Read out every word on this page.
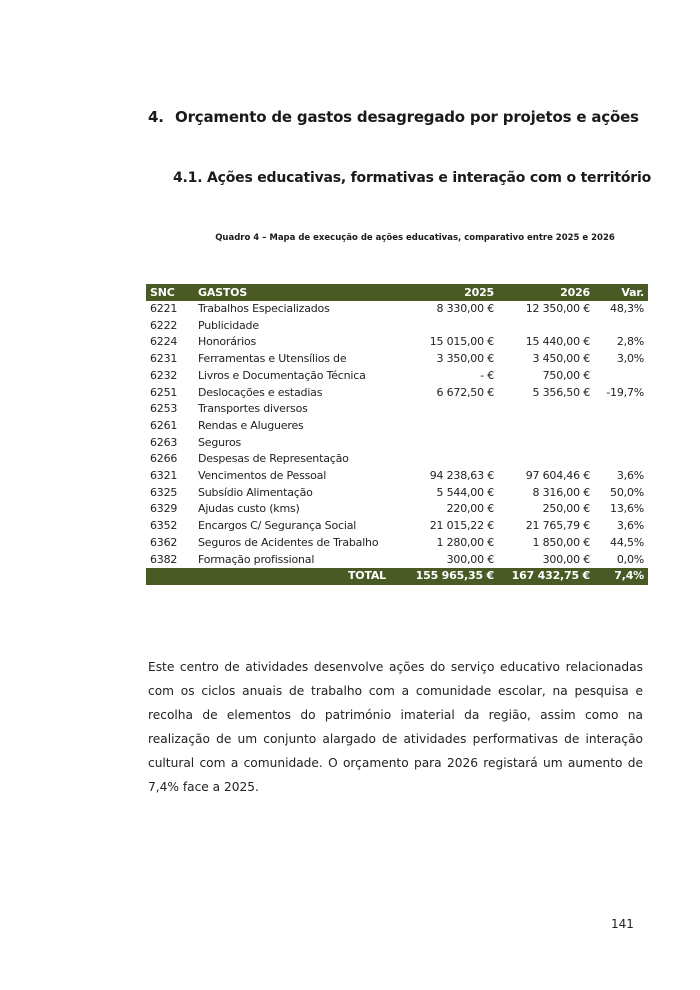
4. Orçamento de gastos desagregado por projetos e ações
4.1. Ações educativas, formativas e interação com o território
Quadro 4 – Mapa de execução de ações educativas, comparativo entre 2025 e 2026
SNC	GASTOS	2025	2026	Var.
6221	Trabalhos Especializados	8 330,00 €	12 350,00 €	48,3%
6222	Publicidade			
6224	Honorários	15 015,00 €	15 440,00 €	2,8%
6231	Ferramentas e Utensílios de	3 350,00 €	3 450,00 €	3,0%
6232	Livros e Documentação Técnica	- €	750,00 €	
6251	Deslocações e estadias	6 672,50 €	5 356,50 €	-19,7%
6253	Transportes diversos			
6261	Rendas e Alugueres			
6263	Seguros			
6266	Despesas de Representação			
6321	Vencimentos de Pessoal	94 238,63 €	97 604,46 €	3,6%
6325	Subsídio Alimentação	5 544,00 €	8 316,00 €	50,0%
6329	Ajudas custo (kms)	220,00 €	250,00 €	13,6%
6352	Encargos C/ Segurança Social	21 015,22 €	21 765,79 €	3,6%
6362	Seguros de Acidentes de Trabalho	1 280,00 €	1 850,00 €	44,5%
6382	Formação profissional	300,00 €	300,00 €	0,0%
	TOTAL	155 965,35 €	167 432,75 €	7,4%
Este centro de atividades desenvolve ações do serviço educativo relacionadas com os ciclos anuais de trabalho com a comunidade escolar, na pesquisa e recolha de elementos do património imaterial da região, assim como na realização de um conjunto alargado de atividades performativas de interação cultural com a comunidade. O orçamento para 2026 registará um aumento de 7,4% face a 2025.
141
